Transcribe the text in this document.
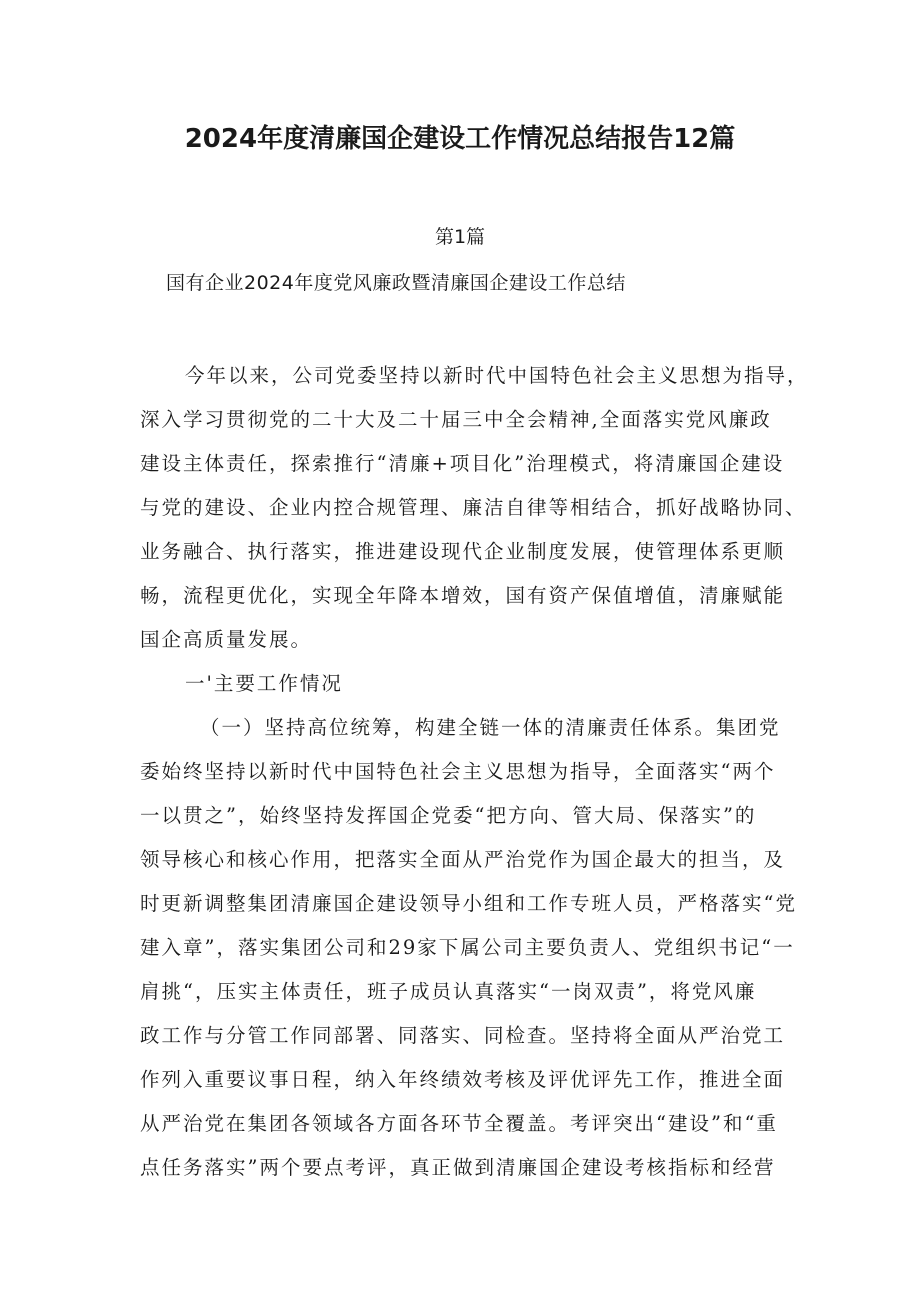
2024年度清廉国企建设工作情况总结报告12篇
第1篇
国有企业2024年度党风廉政暨清廉国企建设工作总结
今年以来，公司党委坚持以新时代中国特色社会主义思想为指导，
深入学习贯彻党的二十大及二十届三中全会精神,全面落实党风廉政
建设主体责任，探索推行“清廉+项目化”治理模式，将清廉国企建设
与党的建设、企业内控合规管理、廉洁自律等相结合，抓好战略协同、
业务融合、执行落实，推进建设现代企业制度发展，使管理体系更顺
畅，流程更优化，实现全年降本增效，国有资产保值增值，清廉赋能
国企高质量发展。
一'主要工作情况
（一）坚持高位统筹，构建全链一体的清廉责任体系。集团党
委始终坚持以新时代中国特色社会主义思想为指导，全面落实“两个
一以贯之”，始终坚持发挥国企党委“把方向、管大局、保落实”的
领导核心和核心作用，把落实全面从严治党作为国企最大的担当，及
时更新调整集团清廉国企建设领导小组和工作专班人员，严格落实“党
建入章”，落实集团公司和29家下属公司主要负责人、党组织书记“一
肩挑“，压实主体责任，班子成员认真落实“一岗双责”，将党风廉
政工作与分管工作同部署、同落实、同检查。坚持将全面从严治党工
作列入重要议事日程，纳入年终绩效考核及评优评先工作，推进全面
从严治党在集团各领域各方面各环节全覆盖。考评突出“建设”和“重
点任务落实”两个要点考评，真正做到清廉国企建设考核指标和经营
